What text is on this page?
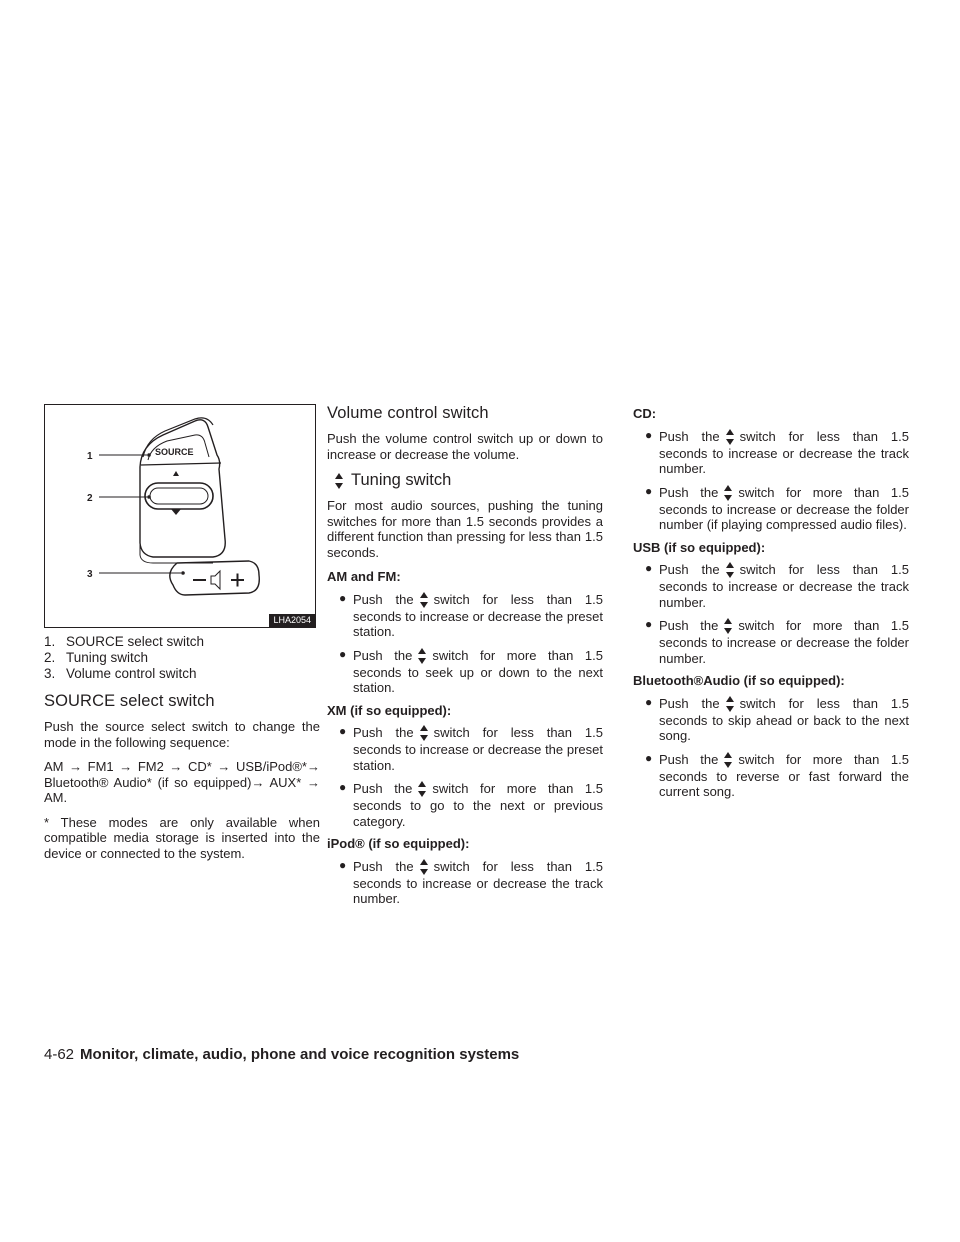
1
2
3
SOURCE
LHA2054
1. SOURCE select switch
2. Tuning switch
3. Volume control switch
SOURCE select switch

Push the source select switch to change the mode in the following sequence:

AM → FM1 → FM2 → CD* → USB/iPod®*→ Bluetooth® Audio* (if so equipped)→ AUX* → AM.

* These modes are only available when compatible media storage is inserted into the device or connected to the system.

Volume control switch

Push the volume control switch up or down to increase or decrease the volume.

Tuning switch

For most audio sources, pushing the tuning switches for more than 1.5 seconds provides a different function than pressing for less than 1.5 seconds.

AM and FM:
● Push the switch for less than 1.5 seconds to increase or decrease the preset station.
● Push the switch for more than 1.5 seconds to seek up or down to the next station.
XM (if so equipped):
● Push the switch for less than 1.5 seconds to increase or decrease the preset station.
● Push the switch for more than 1.5 seconds to go to the next or previous category.
iPod® (if so equipped):
● Push the switch for less than 1.5 seconds to increase or decrease the track number.
CD:
● Push the switch for less than 1.5 seconds to increase or decrease the track number.
● Push the switch for more than 1.5 seconds to increase or decrease the folder number (if playing compressed audio files).
USB (if so equipped):
● Push the switch for less than 1.5 seconds to increase or decrease the track number.
● Push the switch for more than 1.5 seconds to increase or decrease the folder number.
Bluetooth®Audio (if so equipped):
● Push the switch for less than 1.5 seconds to skip ahead or back to the next song.
● Push the switch for more than 1.5 seconds to reverse or fast forward the current song.
4-62 Monitor, climate, audio, phone and voice recognition systems
